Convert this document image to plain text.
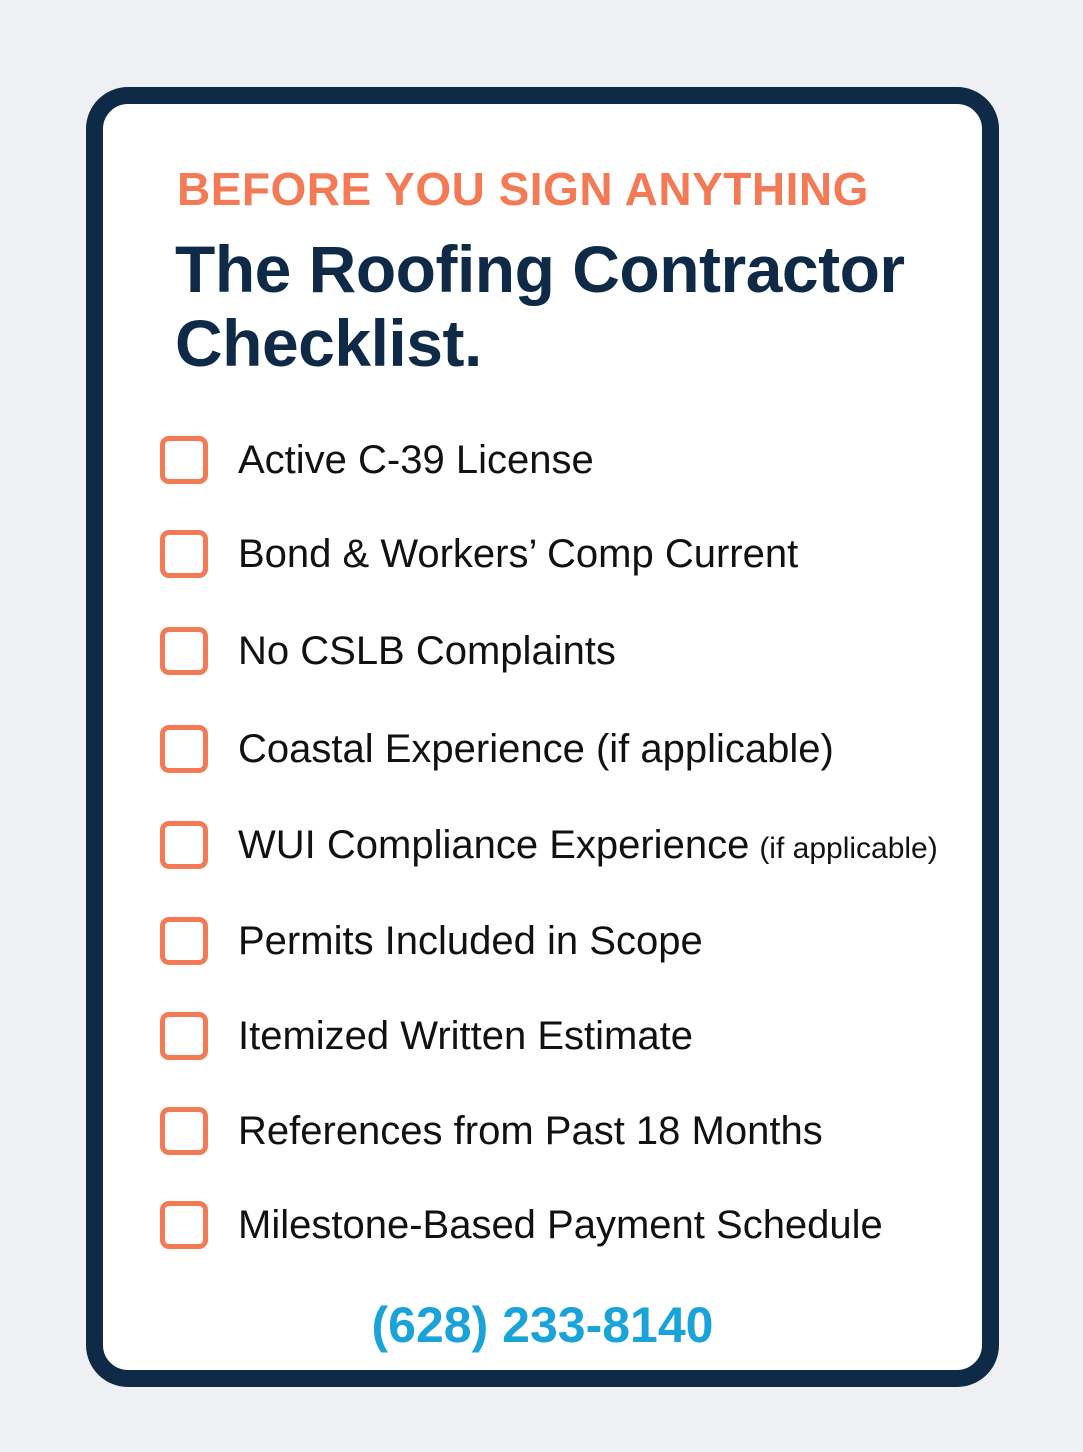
BEFORE YOU SIGN ANYTHING

The Roofing Contractor Checklist.
Active C-39 License
Bond & Workers’ Comp Current
No CSLB Complaints
Coastal Experience (if applicable)
WUI Compliance Experience (if applicable)
Permits Included in Scope
Itemized Written Estimate
References from Past 18 Months
Milestone-Based Payment Schedule
(628) 233-8140
